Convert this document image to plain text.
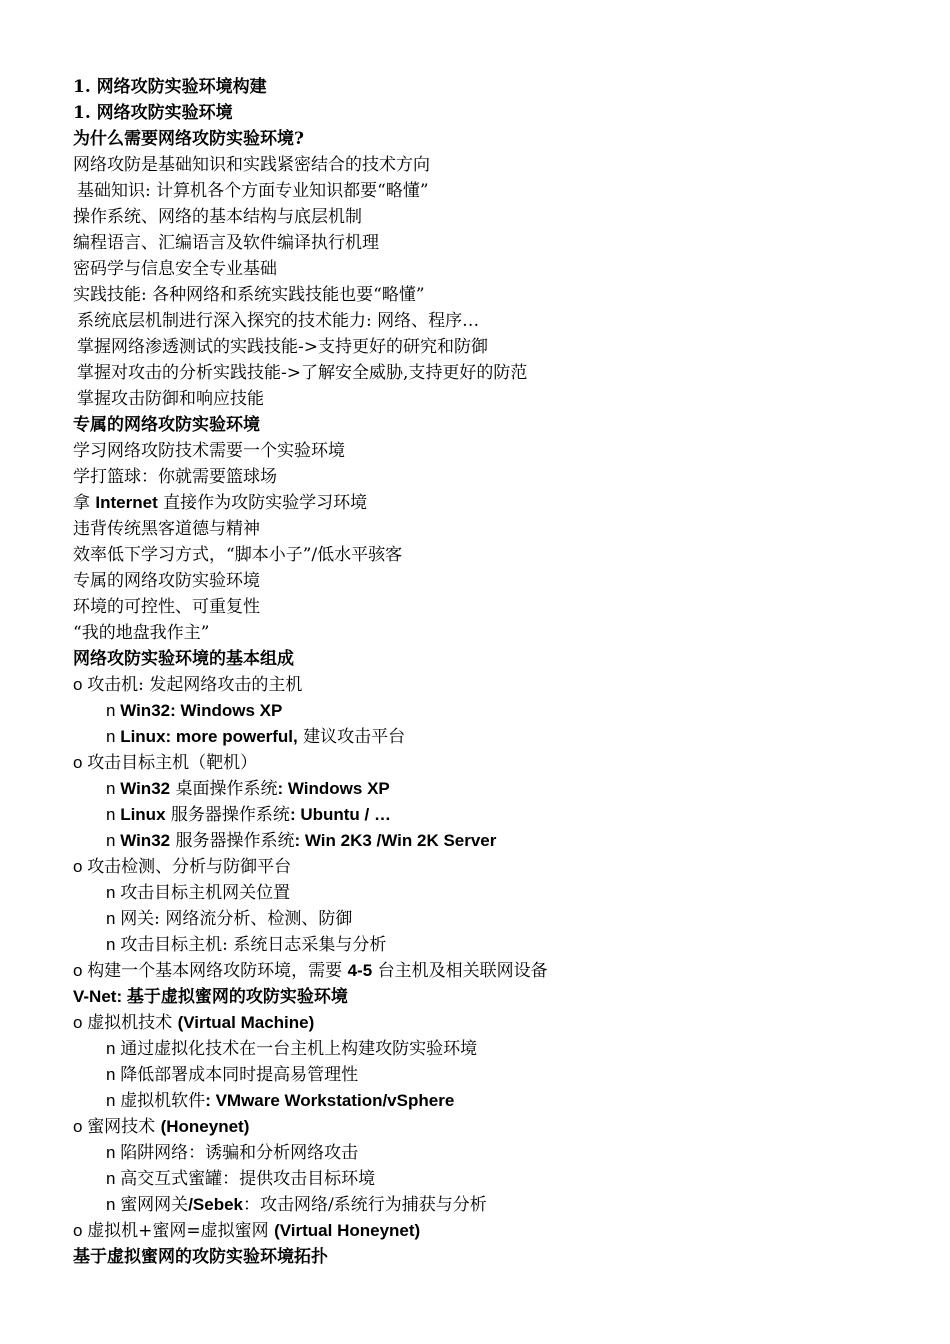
1. 网络攻防实验环境构建
1. 网络攻防实验环境
为什么需要网络攻防实验环境?
网络攻防是基础知识和实践紧密结合的技术方向
基础知识: 计算机各个方面专业知识都要“略懂”
操作系统、网络的基本结构与底层机制
编程语言、汇编语言及软件编译执行机理
密码学与信息安全专业基础
实践技能: 各种网络和系统实践技能也要“略懂”
系统底层机制进行深入探究的技术能力: 网络、程序…
掌握网络渗透测试的实践技能->支持更好的研究和防御
掌握对攻击的分析实践技能->了解安全威胁,支持更好的防范
掌握攻击防御和响应技能
专属的网络攻防实验环境
学习网络攻防技术需要一个实验环境
学打篮球：你就需要篮球场
拿 Internet 直接作为攻防实验学习环境
违背传统黑客道德与精神
效率低下学习方式，“脚本小子”/低水平骇客
专属的网络攻防实验环境
环境的可控性、可重复性
“我的地盘我作主”
网络攻防实验环境的基本组成
o 攻击机: 发起网络攻击的主机
n Win32: Windows XP
n Linux: more powerful, 建议攻击平台
o 攻击目标主机（靶机）
n Win32 桌面操作系统: Windows XP
n Linux 服务器操作系统: Ubuntu / …
n Win32 服务器操作系统: Win 2K3 /Win 2K Server
o 攻击检测、分析与防御平台
n 攻击目标主机网关位置
n 网关: 网络流分析、检测、防御
n 攻击目标主机: 系统日志采集与分析
o 构建一个基本网络攻防环境，需要 4-5 台主机及相关联网设备
V-Net: 基于虚拟蜜网的攻防实验环境
o 虚拟机技术 (Virtual Machine)
n 通过虚拟化技术在一台主机上构建攻防实验环境
n 降低部署成本同时提高易管理性
n 虚拟机软件: VMware Workstation/vSphere
o 蜜网技术 (Honeynet)
n 陷阱网络：诱骗和分析网络攻击
n 高交互式蜜罐：提供攻击目标环境
n 蜜网网关/Sebek：攻击网络/系统行为捕获与分析
o 虚拟机+蜜网=虚拟蜜网 (Virtual Honeynet)
基于虚拟蜜网的攻防实验环境拓扑
